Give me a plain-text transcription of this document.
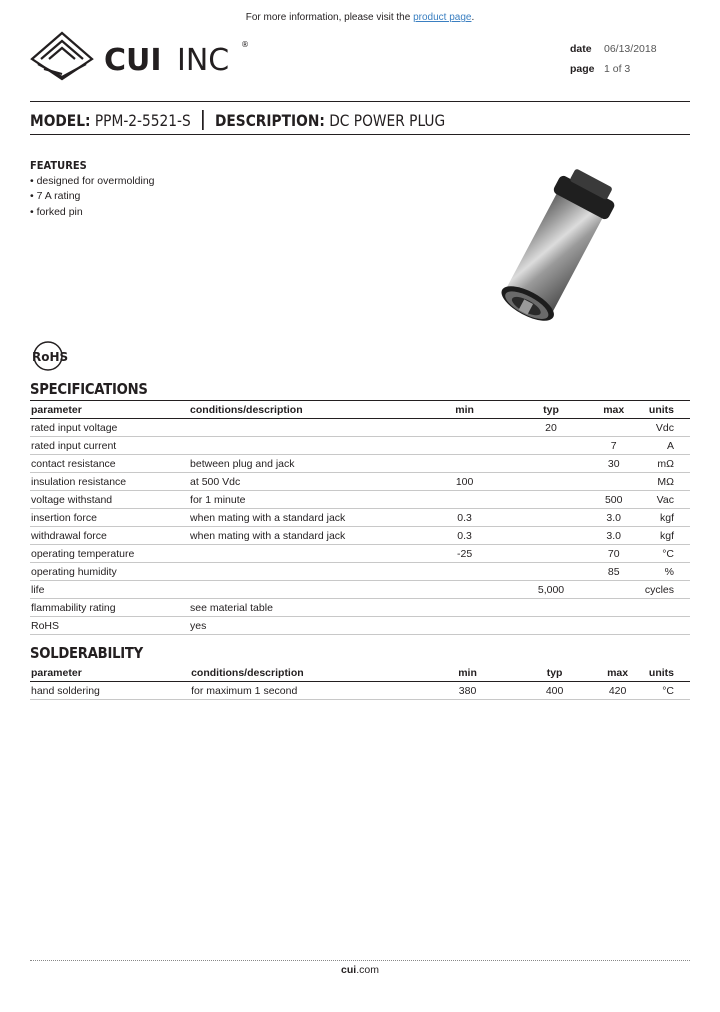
For more information, please visit the product page.
CUI INC ®	date	06/13/2018
page 1 of 3
MODEL: PPM-2-5521-S DESCRIPTION: DC POWER PLUG
FEATURES
• designed for overmolding
• 7 A rating
• forked pin
RoHS
SPECIFICATIONS
parameter	conditions/description	min	typ	max	units
rated input voltage			20		Vdc
rated input current				7	A
contact resistance	between plug and jack			30	mΩ
insulation resistance	at 500 Vdc	100			MΩ
voltage withstand	for 1 minute			500	Vac
insertion force	when mating with a standard jack	0.3		3.0	kgf
withdrawal force	when mating with a standard jack	0.3		3.0	kgf
operating temperature		-25		70	°C
operating humidity				85	%
life			5,000		cycles
flammability rating	see material table				
RoHS	yes				
SOLDERABILITY
parameter	conditions/description	min	typ	max	units
hand soldering	for maximum 1 second	380	400	420	°C
cui.com
